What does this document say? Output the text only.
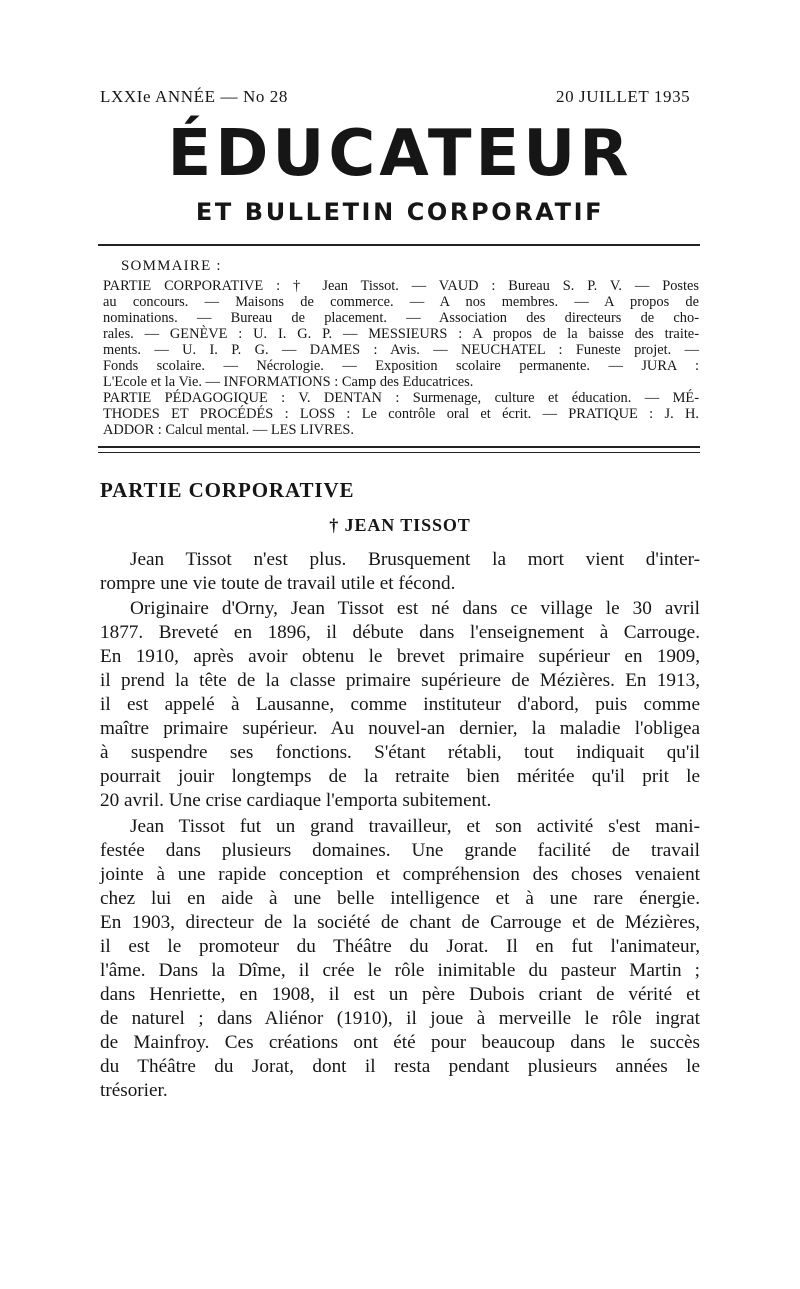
LXXIe ANNÉE — No 28	20 JUILLET 1935
ÉDUCATEUR
ET BULLETIN CORPORATIF
SOMMAIRE :
PARTIE CORPORATIVE : † Jean Tissot. — VAUD : Bureau S. P. V. — Postes
au concours. — Maisons de commerce. — A nos membres. — A propos de
nominations. — Bureau de placement. — Association des directeurs de cho-
rales. — GENÈVE : U. I. G. P. — MESSIEURS : A propos de la baisse des traite-
ments. — U. I. P. G. — DAMES : Avis. — NEUCHATEL : Funeste projet. —
Fonds scolaire. — Nécrologie. — Exposition scolaire permanente. — JURA :
L'Ecole et la Vie. — INFORMATIONS : Camp des Educatrices.
PARTIE PÉDAGOGIQUE : V. DENTAN : Surmenage, culture et éducation. — MÉ-
THODES ET PROCÉDÉS : LOSS : Le contrôle oral et écrit. — PRATIQUE : J. H.
ADDOR : Calcul mental. — LES LIVRES.
PARTIE CORPORATIVE
† JEAN TISSOT
Jean Tissot n'est plus. Brusquement la mort vient d'inter-
rompre une vie toute de travail utile et fécond.
Originaire d'Orny, Jean Tissot est né dans ce village le 30 avril
1877. Breveté en 1896, il débute dans l'enseignement à Carrouge.
En 1910, après avoir obtenu le brevet primaire supérieur en 1909,
il prend la tête de la classe primaire supérieure de Mézières. En 1913,
il est appelé à Lausanne, comme instituteur d'abord, puis comme
maître primaire supérieur. Au nouvel-an dernier, la maladie l'obligea
à suspendre ses fonctions. S'étant rétabli, tout indiquait qu'il
pourrait jouir longtemps de la retraite bien méritée qu'il prit le
20 avril. Une crise cardiaque l'emporta subitement.
Jean Tissot fut un grand travailleur, et son activité s'est mani-
festée dans plusieurs domaines. Une grande facilité de travail
jointe à une rapide conception et compréhension des choses venaient
chez lui en aide à une belle intelligence et à une rare énergie.
En 1903, directeur de la société de chant de Carrouge et de Mézières,
il est le promoteur du Théâtre du Jorat. Il en fut l'animateur,
l'âme. Dans la Dîme, il crée le rôle inimitable du pasteur Martin ;
dans Henriette, en 1908, il est un père Dubois criant de vérité et
de naturel ; dans Aliénor (1910), il joue à merveille le rôle ingrat
de Mainfroy. Ces créations ont été pour beaucoup dans le succès
du Théâtre du Jorat, dont il resta pendant plusieurs années le
trésorier.
